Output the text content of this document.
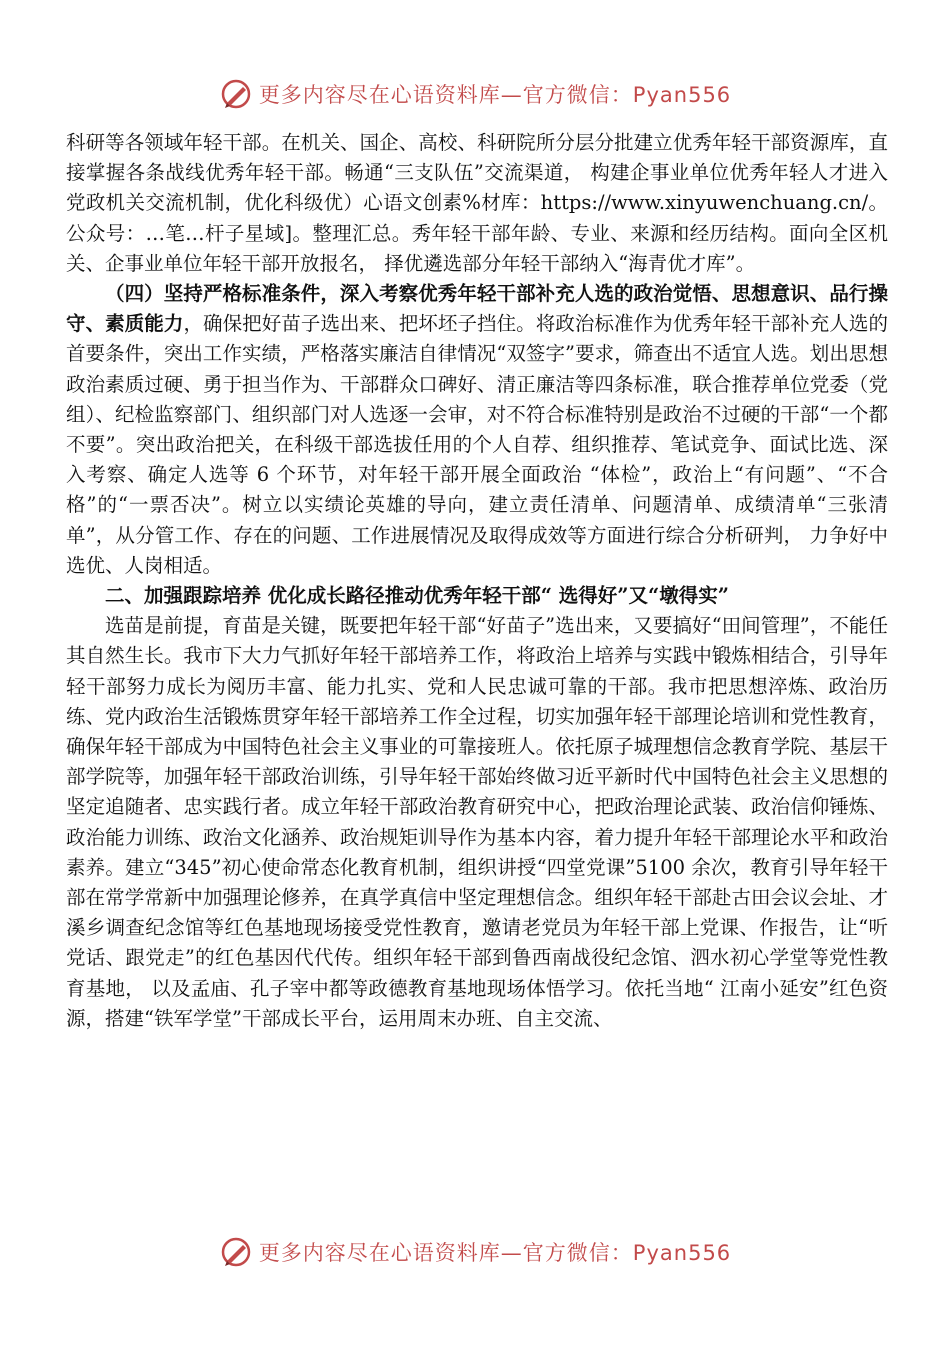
更多内容尽在心语资料库—官方微信：Pyan556

科研等各领域年轻干部。在机关、国企、高校、科研院所分层分批建立优秀年轻干部资源库，直接掌握各条战线优秀年轻干部。畅通“三支队伍”交流渠道， 构建企事业单位优秀年轻人才进入党政机关交流机制，优化科级优）心语文创素%材库：https://www.xinyuwenchuang.cn/。公众号：…笔…杆子星域]。整理汇总。秀年轻干部年龄、专业、来源和经历结构。面向全区机关、企事业单位年轻干部开放报名， 择优遴选部分年轻干部纳入“海青优才库”。

（四）坚持严格标准条件，深入考察优秀年轻干部补充人选的政治觉悟、思想意识、品行操守、素质能力，确保把好苗子选出来、把坏坯子挡住。将政治标准作为优秀年轻干部补充人选的首要条件，突出工作实绩，严格落实廉洁自律情况“双签字”要求，筛查出不适宜人选。划出思想政治素质过硬、勇于担当作为、干部群众口碑好、清正廉洁等四条标准，联合推荐单位党委（党组）、纪检监察部门、组织部门对人选逐一会审，对不符合标准特别是政治不过硬的干部“一个都不要”。突出政治把关，在科级干部选拔任用的个人自荐、组织推荐、笔试竞争、面试比选、深入考察、确定人选等 6 个环节，对年轻干部开展全面政治 “体检”，政治上“有问题”、“不合格”的“一票否决”。树立以实绩论英雄的导向，建立责任清单、问题清单、成绩清单“三张清单”，从分管工作、存在的问题、工作进展情况及取得成效等方面进行综合分析研判， 力争好中选优、人岗相适。

二、加强跟踪培养 优化成长路径推动优秀年轻干部“ 选得好”又“墩得实”

选苗是前提，育苗是关键，既要把年轻干部“好苗子”选出来，又要搞好“田间管理”，不能任其自然生长。我市下大力气抓好年轻干部培养工作，将政治上培养与实践中锻炼相结合，引导年轻干部努力成长为阅历丰富、能力扎实、党和人民忠诚可靠的干部。我市把思想淬炼、政治历练、党内政治生活锻炼贯穿年轻干部培养工作全过程，切实加强年轻干部理论培训和党性教育，确保年轻干部成为中国特色社会主义事业的可靠接班人。依托原子城理想信念教育学院、基层干部学院等，加强年轻干部政治训练，引导年轻干部始终做习近平新时代中国特色社会主义思想的坚定追随者、忠实践行者。成立年轻干部政治教育研究中心，把政治理论武装、政治信仰锤炼、政治能力训练、政治文化涵养、政治规矩训导作为基本内容，着力提升年轻干部理论水平和政治素养。建立“345”初心使命常态化教育机制，组织讲授“四堂党课”5100 余次，教育引导年轻干部在常学常新中加强理论修养，在真学真信中坚定理想信念。组织年轻干部赴古田会议会址、才溪乡调查纪念馆等红色基地现场接受党性教育，邀请老党员为年轻干部上党课、作报告，让“听党话、跟党走”的红色基因代代传。组织年轻干部到鲁西南战役纪念馆、泗水初心学堂等党性教育基地， 以及孟庙、孔子宰中都等政德教育基地现场体悟学习。依托当地“ 江南小延安”红色资源，搭建“铁军学堂”干部成长平台，运用周末办班、自主交流、

更多内容尽在心语资料库—官方微信：Pyan556
